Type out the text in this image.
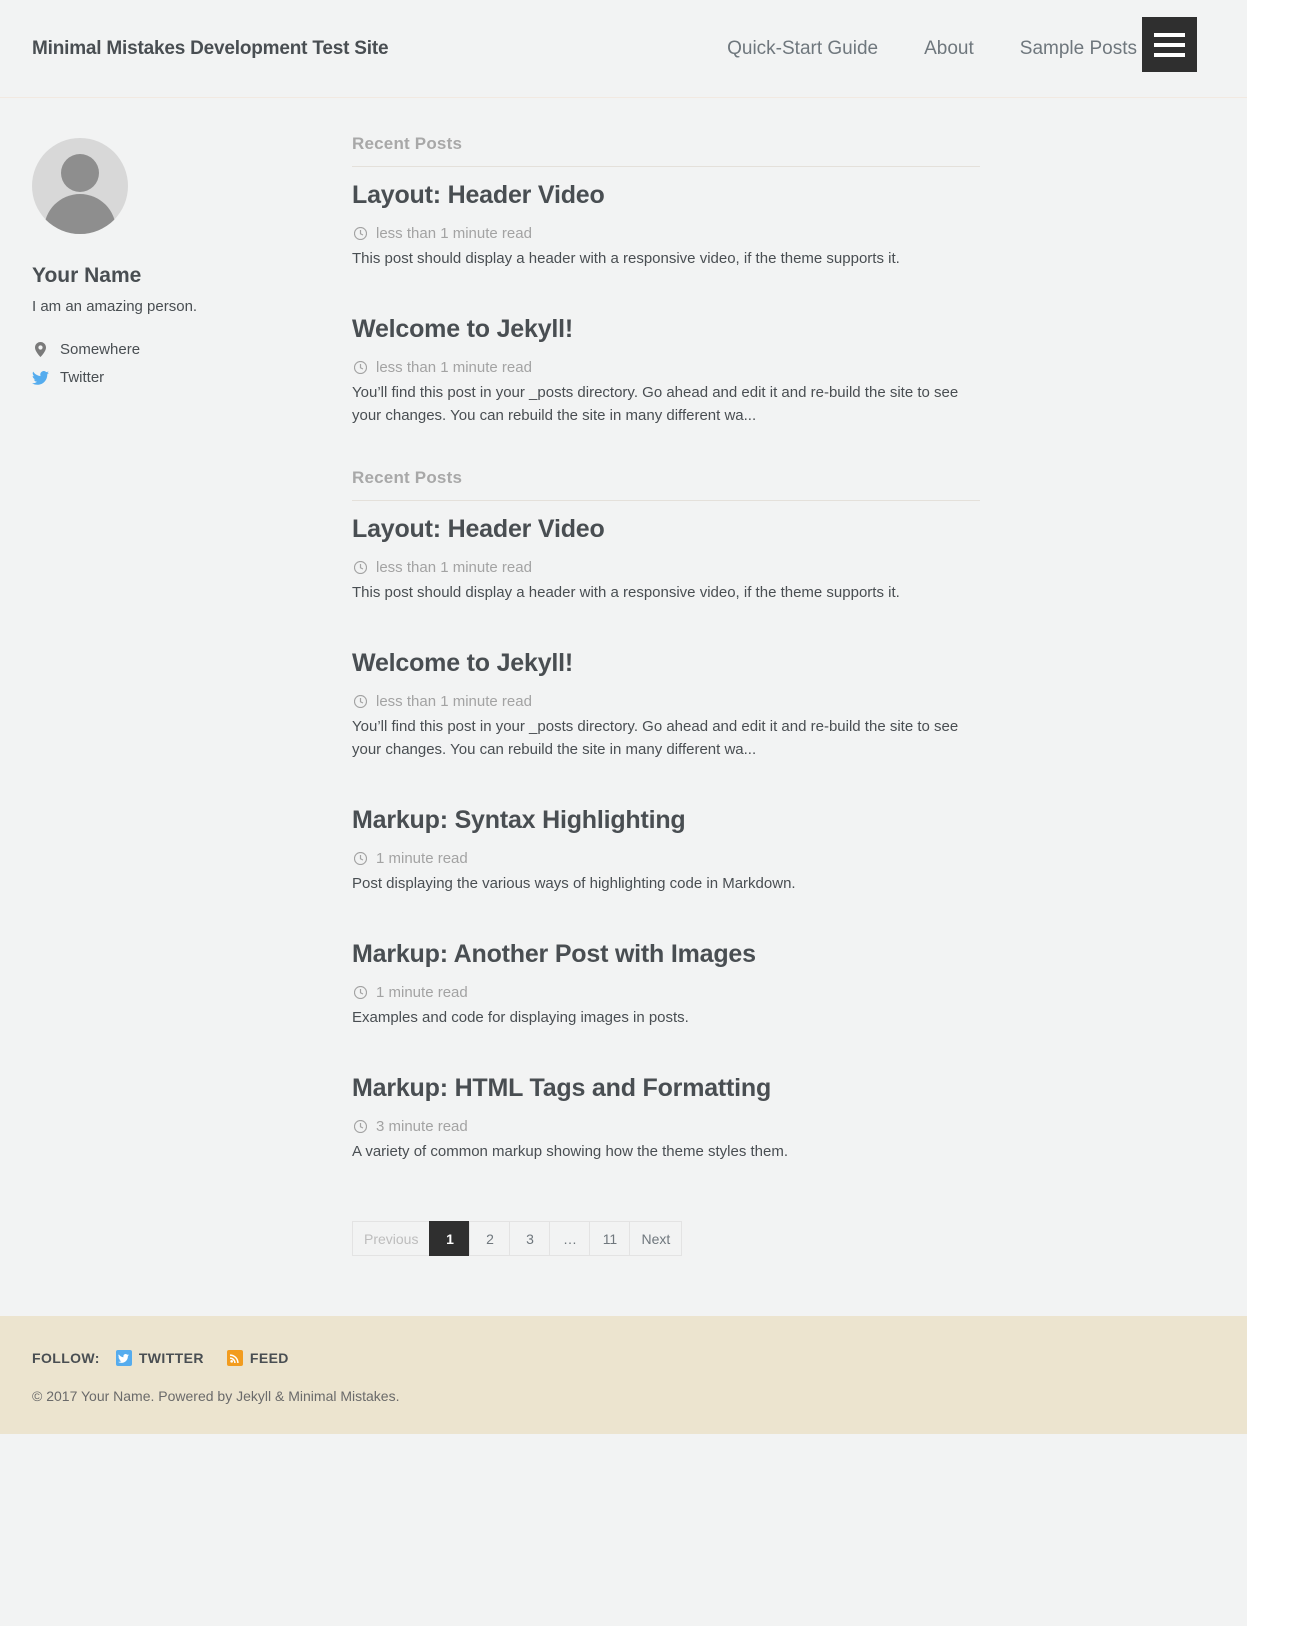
Minimal Mistakes Development Test Site	Quick-Start Guide About Sample Posts
Your Name

I am an amazing person.

Somewhere
Twitter
Recent Posts
Layout: Header Video

less than 1 minute read

This post should display a header with a responsive video, if the theme supports it.

Welcome to Jekyll!

less than 1 minute read

You’ll find this post in your _posts directory. Go ahead and edit it and re-build the site to see your changes. You can rebuild the site in many different wa...

Recent Posts
Layout: Header Video

less than 1 minute read

This post should display a header with a responsive video, if the theme supports it.

Welcome to Jekyll!

less than 1 minute read

You’ll find this post in your _posts directory. Go ahead and edit it and re-build the site to see your changes. You can rebuild the site in many different wa...

Markup: Syntax Highlighting

1 minute read

Post displaying the various ways of highlighting code in Markdown.

Markup: Another Post with Images

1 minute read

Examples and code for displaying images in posts.

Markup: HTML Tags and Formatting

3 minute read

A variety of common markup showing how the theme styles them.

Previous	1	2	3	…	11	Next
FOLLOW:	TWITTER	FEED
© 2017 Your Name. Powered by Jekyll & Minimal Mistakes.
